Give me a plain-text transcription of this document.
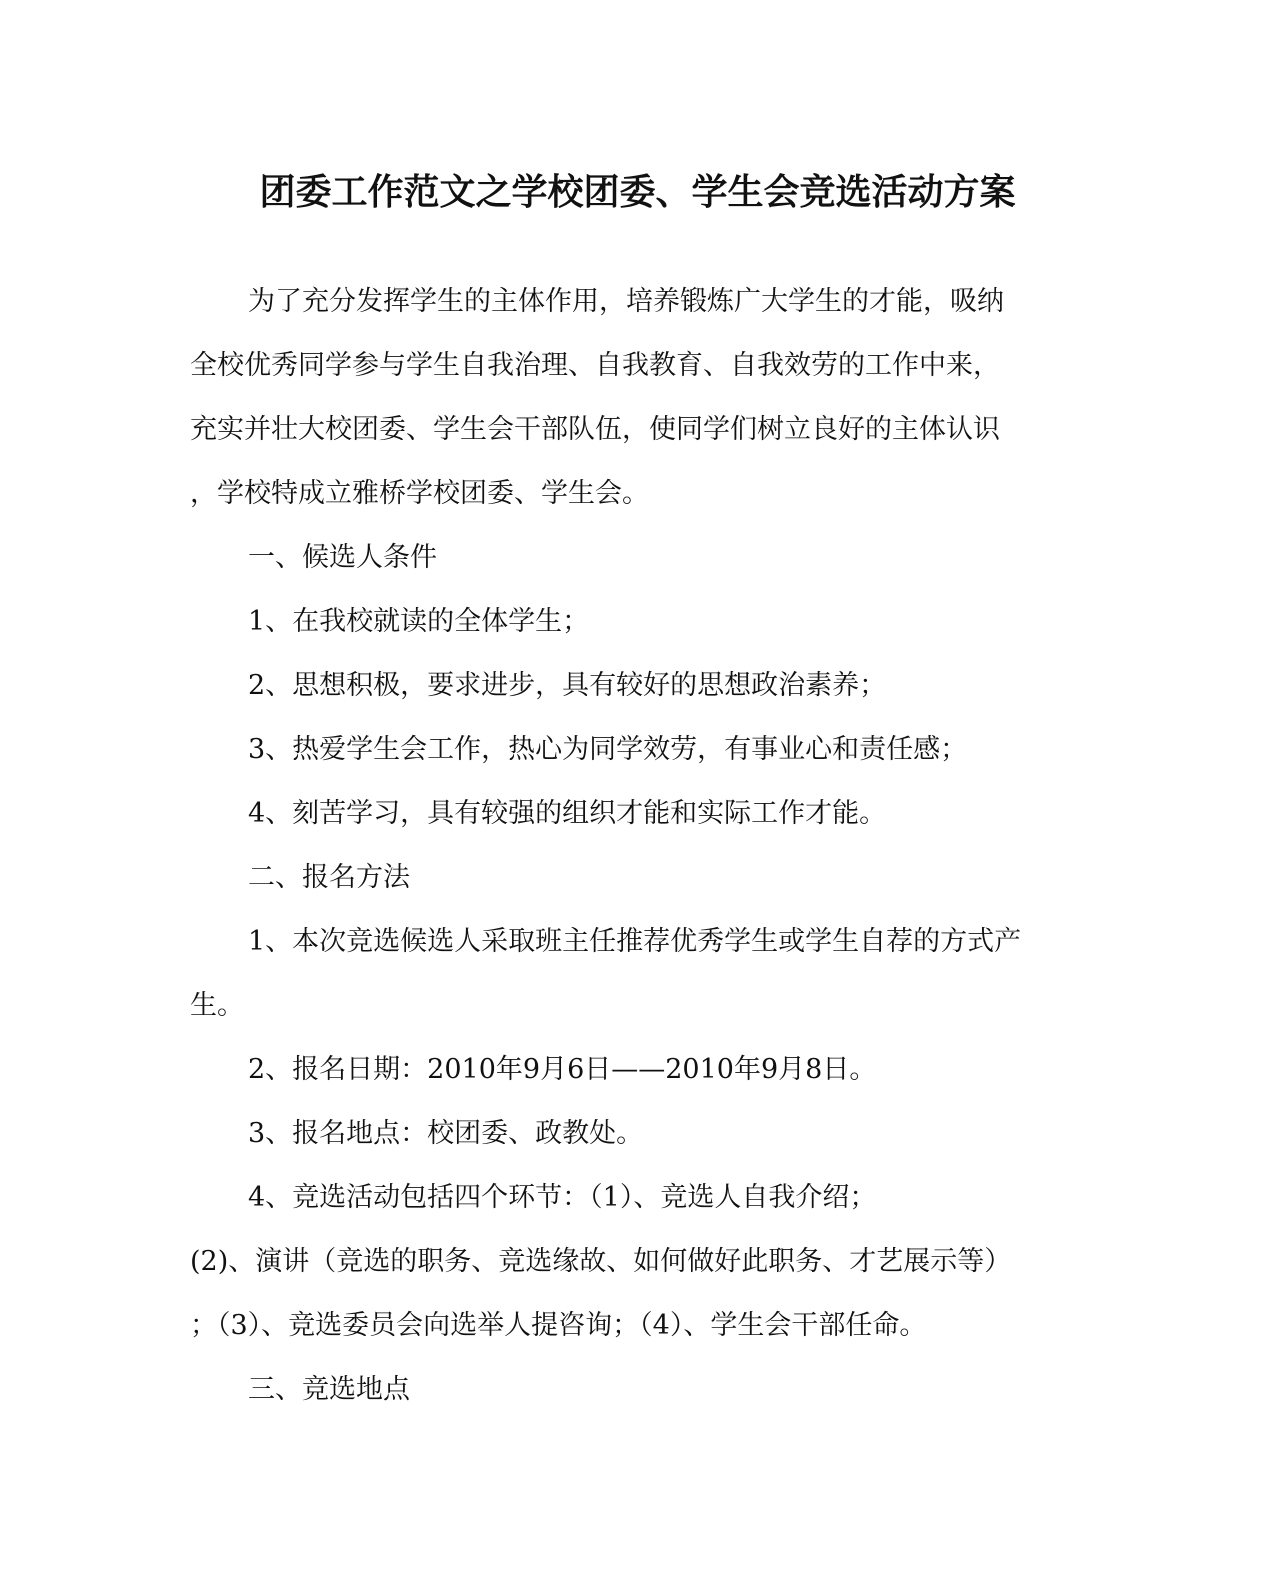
团委工作范文之学校团委、学生会竞选活动方案
为了充分发挥学生的主体作用，培养锻炼广大学生的才能，吸纳
全校优秀同学参与学生自我治理、自我教育、自我效劳的工作中来，
充实并壮大校团委、学生会干部队伍，使同学们树立良好的主体认识
，学校特成立雅桥学校团委、学生会。
一、候选人条件
1、在我校就读的全体学生；
2、思想积极，要求进步，具有较好的思想政治素养；
3、热爱学生会工作，热心为同学效劳，有事业心和责任感；
4、刻苦学习，具有较强的组织才能和实际工作才能。
二、报名方法
1、本次竞选候选人采取班主任推荐优秀学生或学生自荐的方式产
生。
2、报名日期：2010年9月6日——2010年9月8日。
3、报名地点：校团委、政教处。
4、竞选活动包括四个环节：（1）、竞选人自我介绍；
(2)、演讲（竞选的职务、竞选缘故、如何做好此职务、才艺展示等）
；（3）、竞选委员会向选举人提咨询；（4）、学生会干部任命。
三、竞选地点
